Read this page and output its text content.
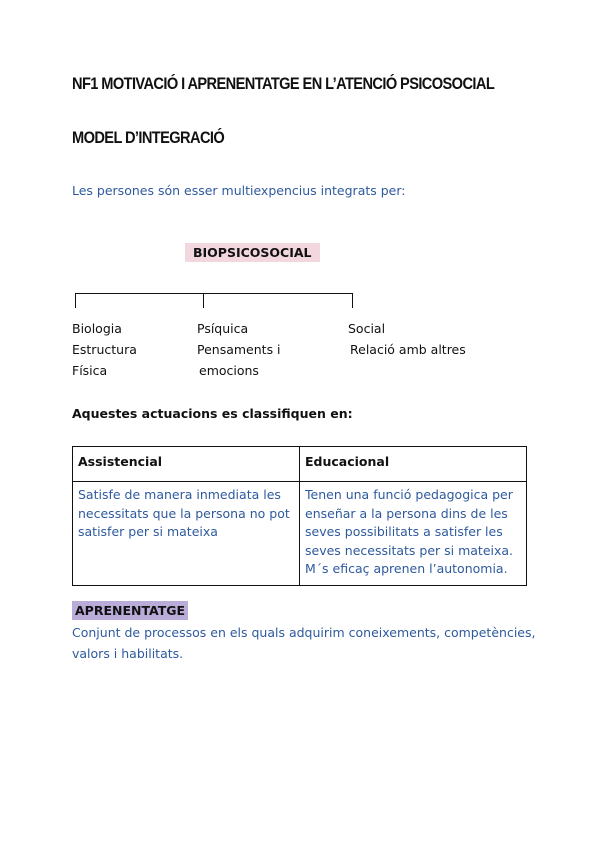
NF1 MOTIVACIÓ I APRENENTATGE EN L’ATENCIÓ PSICOSOCIAL
MODEL D’INTEGRACIÓ
Les persones són esser multiexpencius integrats per:
BIOPSICOSOCIAL
Biologia
Estructura
Física
Psíquica
Pensaments i
emocions
Social
Relació amb altres
Aquestes actuacions es classifiquen en:
Assistencial	Educacional

Satisfe de manera inmediata les
necessitats que la persona no pot
satisfer per si mateixa	Tenen una funció pedagogica per
enseñar a la persona dins de les
seves possibilitats a satisfer les
seves necessitats per si mateixa.
M´s eficaç aprenen l’autonomia.
APRENENTATGE
Conjunt de processos en els quals adquirim coneixements, competències,
valors i habilitats.
